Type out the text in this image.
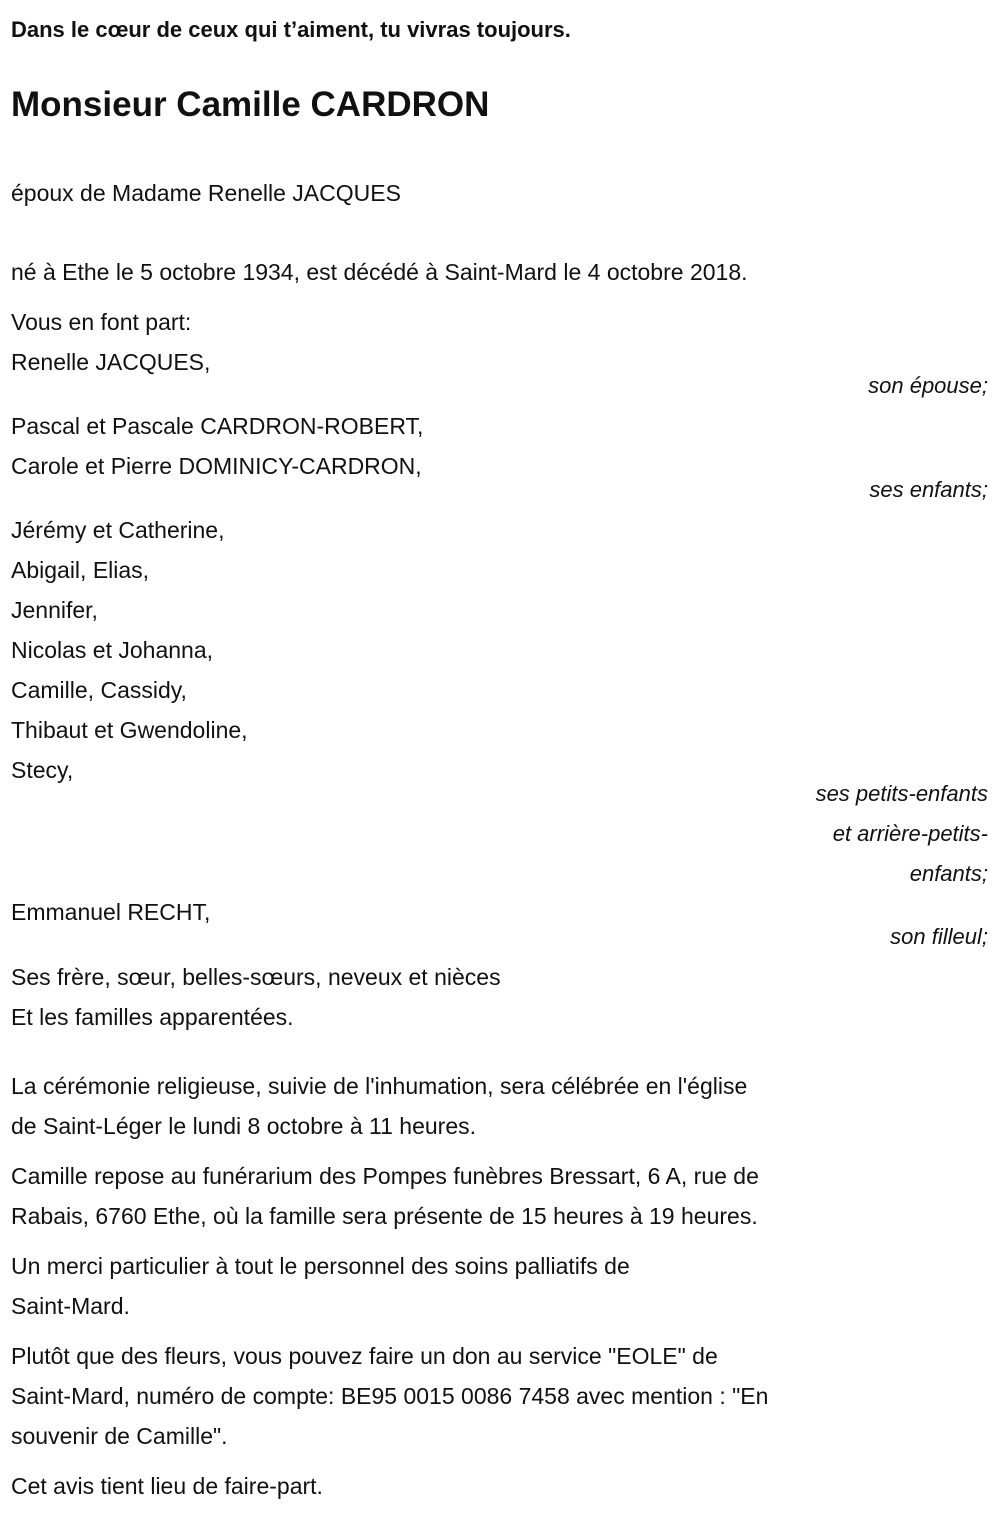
Dans le cœur de ceux qui t’aiment, tu vivras toujours.
Monsieur Camille CARDRON
époux de Madame Renelle JACQUES
né à Ethe le 5 octobre 1934, est décédé à Saint-Mard le 4 octobre 2018.
Vous en font part:
Renelle JACQUES,
son épouse;
Pascal et Pascale CARDRON-ROBERT,
Carole et Pierre DOMINICY-CARDRON,
ses enfants;
Jérémy et Catherine,
Abigail, Elias,
Jennifer,
Nicolas et Johanna,
Camille, Cassidy,
Thibaut et Gwendoline,
Stecy,
ses petits-enfants
et arrière-petits-
enfants;
Emmanuel RECHT,
son filleul;
Ses frère, sœur, belles-sœurs, neveux et nièces
Et les familles apparentées.
La cérémonie religieuse, suivie de l'inhumation, sera célébrée en l'église
de Saint-Léger le lundi 8 octobre à 11 heures.
Camille repose au funérarium des Pompes funèbres Bressart, 6 A, rue de
Rabais, 6760 Ethe, où la famille sera présente de 15 heures à 19 heures.
Un merci particulier à tout le personnel des soins palliatifs de
Saint-Mard.
Plutôt que des fleurs, vous pouvez faire un don au service "EOLE" de
Saint-Mard, numéro de compte: BE95 0015 0086 7458 avec mention : "En
souvenir de Camille".
Cet avis tient lieu de faire-part.
